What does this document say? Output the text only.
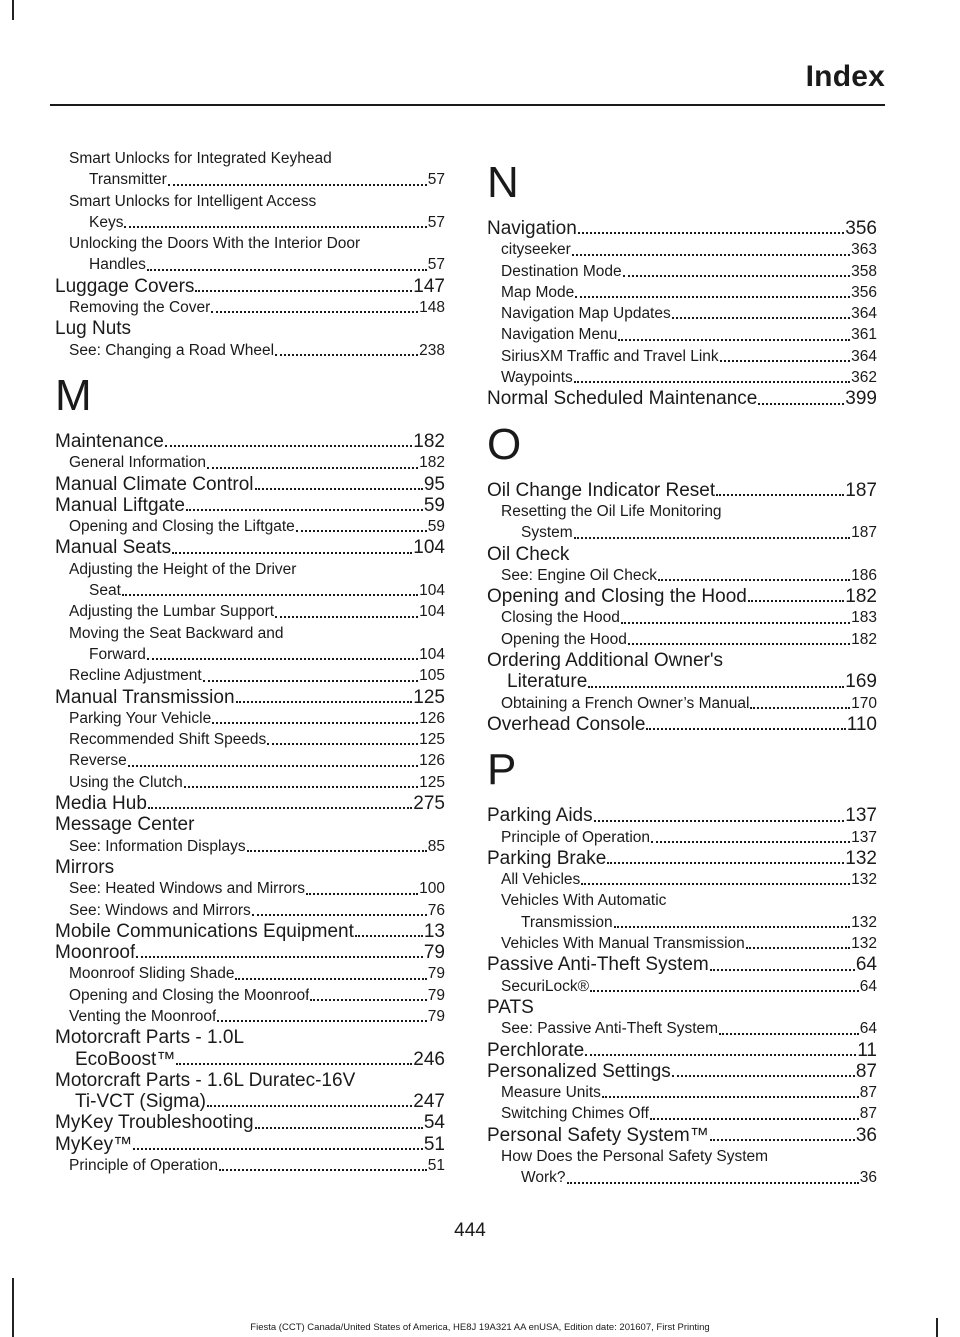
Index
Smart Unlocks for Integrated Keyhead
Transmitter	57
Smart Unlocks for Intelligent Access
Keys	57
Unlocking the Doors With the Interior Door
Handles	57
Luggage Covers	147
Removing the Cover	148
Lug Nuts
See: Changing a Road Wheel	238
M
Maintenance	182
General Information	182
Manual Climate Control	95
Manual Liftgate	59
Opening and Closing the Liftgate	59
Manual Seats	104
Adjusting the Height of the Driver
Seat	104
Adjusting the Lumbar Support	104
Moving the Seat Backward and
Forward	104
Recline Adjustment	105
Manual Transmission	125
Parking Your Vehicle	126
Recommended Shift Speeds	125
Reverse	126
Using the Clutch	125
Media Hub	275
Message Center
See: Information Displays	85
Mirrors
See: Heated Windows and Mirrors	100
See: Windows and Mirrors	76
Mobile Communications Equipment	13
Moonroof	79
Moonroof Sliding Shade	79
Opening and Closing the Moonroof	79
Venting the Moonroof	79
Motorcraft Parts - 1.0L
EcoBoost™	246
Motorcraft Parts - 1.6L Duratec-16V
Ti-VCT (Sigma)	247
MyKey Troubleshooting	54
MyKey™	51
Principle of Operation	51
N
Navigation	356
cityseeker	363
Destination Mode	358
Map Mode	356
Navigation Map Updates	364
Navigation Menu	361
SiriusXM Traffic and Travel Link	364
Waypoints	362
Normal Scheduled Maintenance	399
O
Oil Change Indicator Reset	187
Resetting the Oil Life Monitoring
System	187
Oil Check
See: Engine Oil Check	186
Opening and Closing the Hood	182
Closing the Hood	183
Opening the Hood	182
Ordering Additional Owner's
Literature	169
Obtaining a French Owner’s Manual	170
Overhead Console	110
P
Parking Aids	137
Principle of Operation	137
Parking Brake	132
All Vehicles	132
Vehicles With Automatic
Transmission	132
Vehicles With Manual Transmission	132
Passive Anti-Theft System	64
SecuriLock®	64
PATS
See: Passive Anti-Theft System	64
Perchlorate	11
Personalized Settings	87
Measure Units	87
Switching Chimes Off	87
Personal Safety System™	36
How Does the Personal Safety System
Work?	36
444
Fiesta (CCT) Canada/United States of America, HE8J 19A321 AA enUSA, Edition date: 201607, First Printing
